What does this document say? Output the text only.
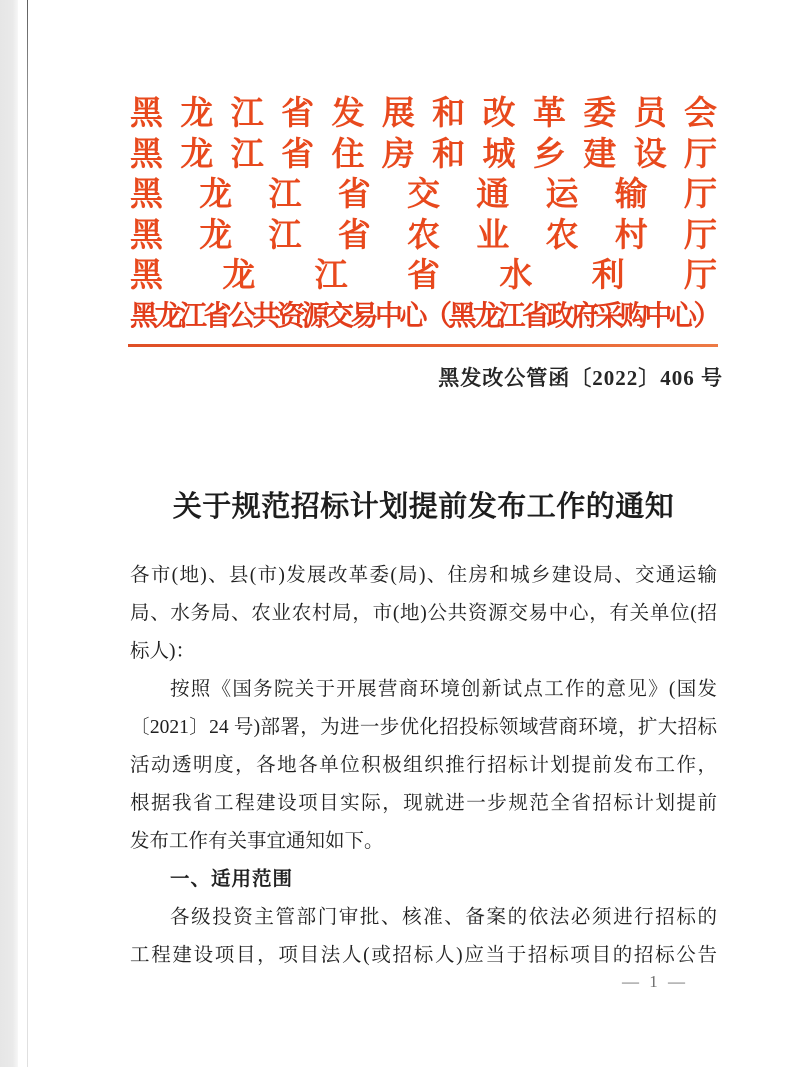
黑龙江省发展和改革委员会
黑龙江省住房和城乡建设厅
黑龙江省交通运输厅
黑龙江省农业农村厅
黑龙江省水利厅
黑龙江省公共资源交易中心（黑龙江省政府采购中心）
黑发改公管函〔2022〕406 号
关于规范招标计划提前发布工作的通知
各市(地)、县(市)发展改革委(局)、住房和城乡建设局、交通运输
局、水务局、农业农村局，市(地)公共资源交易中心，有关单位(招
标人)：
按照《国务院关于开展营商环境创新试点工作的意见》(国发
〔2021〕24 号)部署，为进一步优化招投标领域营商环境，扩大招标
活动透明度，各地各单位积极组织推行招标计划提前发布工作，
根据我省工程建设项目实际，现就进一步规范全省招标计划提前
发布工作有关事宜通知如下。
一、适用范围
各级投资主管部门审批、核准、备案的依法必须进行招标的
工程建设项目，项目法人(或招标人)应当于招标项目的招标公告
— 1 —
